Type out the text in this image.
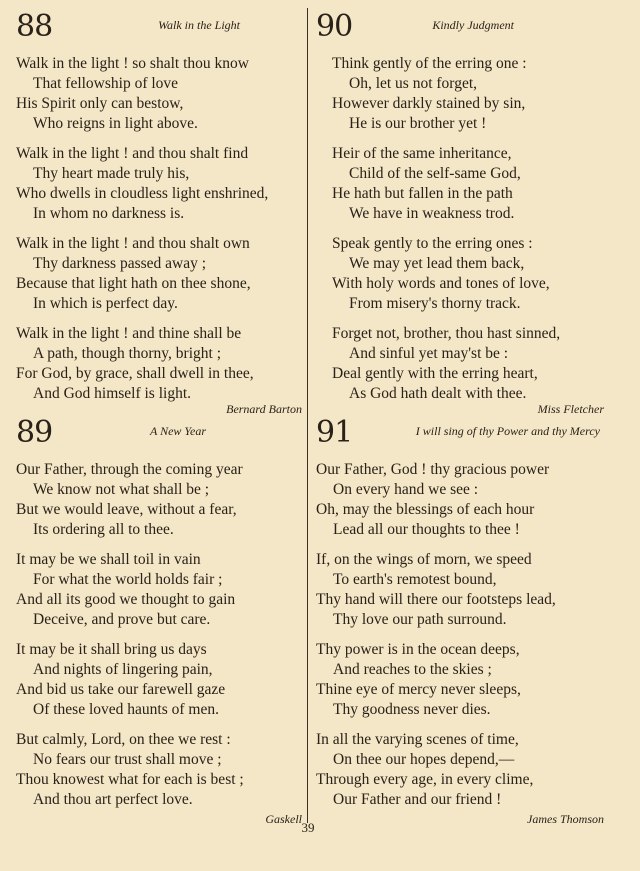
88	Walk in the Light
Walk in the light ! so shalt thou know
That fellowship of love
His Spirit only can bestow,
Who reigns in light above.
Walk in the light ! and thou shalt find
Thy heart made truly his,
Who dwells in cloudless light enshrined,
In whom no darkness is.
Walk in the light ! and thou shalt own
Thy darkness passed away ;
Because that light hath on thee shone,
In which is perfect day.
Walk in the light ! and thine shall be
A path, though thorny, bright ;
For God, by grace, shall dwell in thee,
And God himself is light.
Bernard Barton
90	Kindly Judgment
Think gently of the erring one :
Oh, let us not forget,
However darkly stained by sin,
He is our brother yet !
Heir of the same inheritance,
Child of the self-same God,
He hath but fallen in the path
We have in weakness trod.
Speak gently to the erring ones :
We may yet lead them back,
With holy words and tones of love,
From misery's thorny track.
Forget not, brother, thou hast sinned,
And sinful yet may'st be :
Deal gently with the erring heart,
As God hath dealt with thee.
Miss Fletcher
89	A New Year
Our Father, through the coming year
We know not what shall be ;
But we would leave, without a fear,
Its ordering all to thee.
It may be we shall toil in vain
For what the world holds fair ;
And all its good we thought to gain
Deceive, and prove but care.
It may be it shall bring us days
And nights of lingering pain,
And bid us take our farewell gaze
Of these loved haunts of men.
But calmly, Lord, on thee we rest :
No fears our trust shall move ;
Thou knowest what for each is best ;
And thou art perfect love.
Gaskell
91	I will sing of thy Power and thy Mercy
Our Father, God ! thy gracious power
On every hand we see :
Oh, may the blessings of each hour
Lead all our thoughts to thee !
If, on the wings of morn, we speed
To earth's remotest bound,
Thy hand will there our footsteps lead,
Thy love our path surround.
Thy power is in the ocean deeps,
And reaches to the skies ;
Thine eye of mercy never sleeps,
Thy goodness never dies.
In all the varying scenes of time,
On thee our hopes depend,—
Through every age, in every clime,
Our Father and our friend !
James Thomson
39
